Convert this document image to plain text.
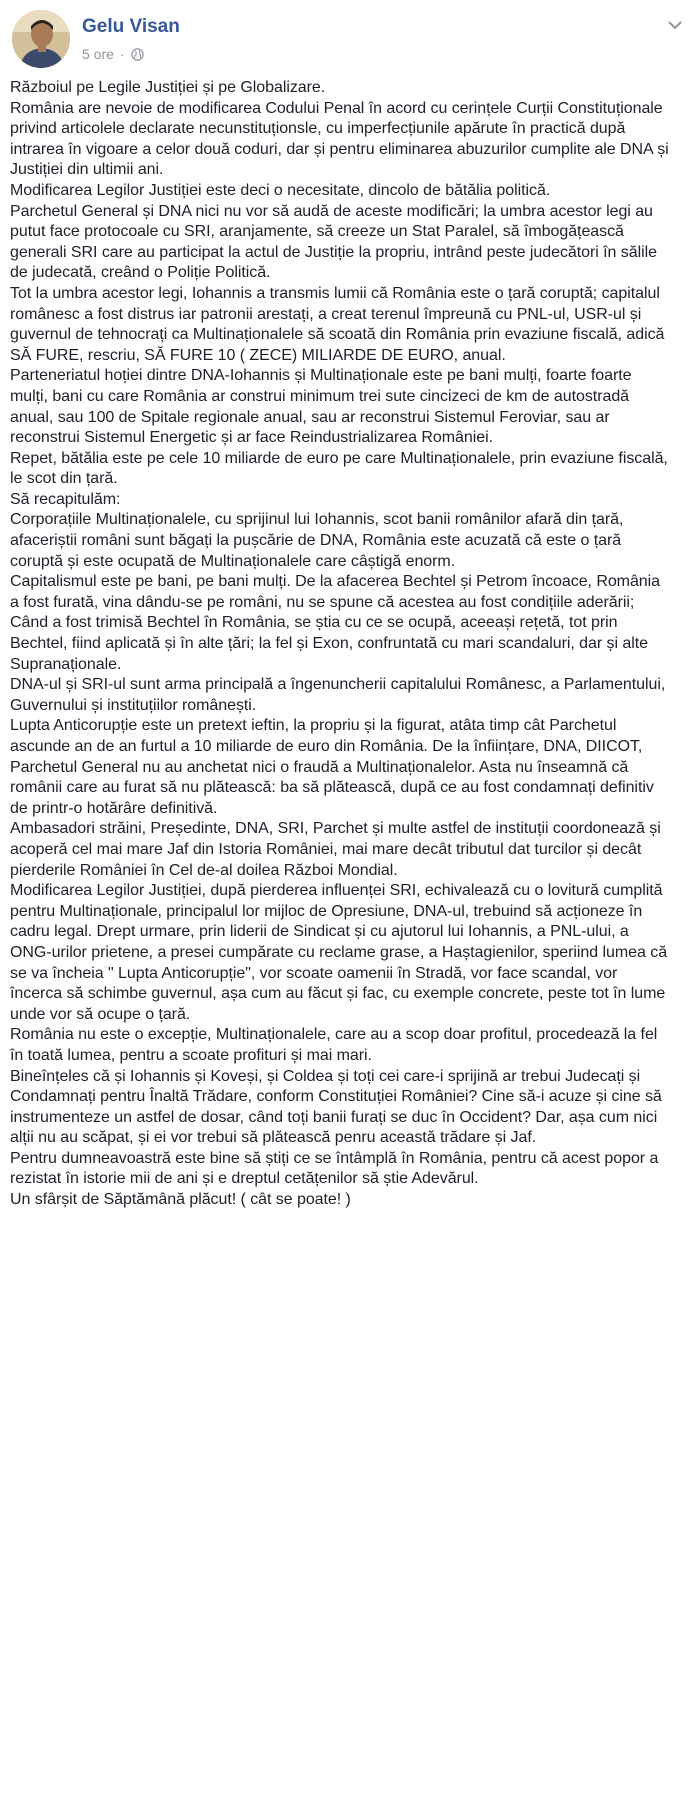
Gelu Visan
5 ore ·

Războiul pe Legile Justiției și pe Globalizare.

România are nevoie de modificarea Codului Penal în acord cu cerințele Curții Constituționale privind articolele declarate necunstituționsle, cu imperfecțiunile apărute în practică după intrarea în vigoare a celor două coduri, dar și pentru eliminarea abuzurilor cumplite ale DNA și Justiției din ultimii ani.

Modificarea Legilor Justiției este deci o necesitate, dincolo de bătălia politică.

Parchetul General și DNA nici nu vor să audă de aceste modificări; la umbra acestor legi au putut face protocoale cu SRI, aranjamente, să creeze un Stat Paralel, să îmbogățească generali SRI care au participat la actul de Justiție la propriu, intrând peste judecători în sălile de judecată, creând o Poliție Politică.

Tot la umbra acestor legi, Iohannis a transmis lumii că România este o țară coruptă; capitalul românesc a fost distrus iar patronii arestați, a creat terenul împreună cu PNL-ul, USR-ul și guvernul de tehnocrați ca Multinaționalele să scoată din România prin evaziune fiscală, adică SĂ FURE, rescriu, SĂ FURE 10 ( ZECE) MILIARDE DE EURO, anual.

Parteneriatul hoției dintre DNA-Iohannis și Multinaționale este pe bani mulți, foarte foarte mulți, bani cu care România ar construi minimum trei sute cincizeci de km de autostradă anual, sau 100 de Spitale regionale anual, sau ar reconstrui Sistemul Feroviar, sau ar reconstrui Sistemul Energetic și ar face Reindustrializarea României.

Repet, bătălia este pe cele 10 miliarde de euro pe care Multinaționalele, prin evaziune fiscală, le scot din țară.

Să recapitulăm:

Corporațiile Multinaționalele, cu sprijinul lui Iohannis, scot banii românilor afară din țară, afaceriștii români sunt băgați la pușcărie de DNA, România este acuzată că este o țară coruptă și este ocupată de Multinaționalele care câștigă enorm.

Capitalismul este pe bani, pe bani mulți. De la afacerea Bechtel și Petrom încoace, România a fost furată, vina dându-se pe români, nu se spune că acestea au fost condițiile aderării; Când a fost trimisă Bechtel în România, se știa cu ce se ocupă, aceeași rețetă, tot prin Bechtel, fiind aplicată și în alte țări; la fel și Exon, confruntată cu mari scandaluri, dar și alte Supranaționale.

DNA-ul și SRI-ul sunt arma principală a îngenuncherii capitalului Românesc, a Parlamentului, Guvernului și instituțiilor românești.

Lupta Anticorupție este un pretext ieftin, la propriu și la figurat, atâta timp cât Parchetul ascunde an de an furtul a 10 miliarde de euro din România. De la înființare, DNA, DIICOT, Parchetul General nu au anchetat nici o fraudă a Multinaționalelor. Asta nu înseamnă că românii care au furat să nu plătească: ba să plătească, după ce au fost condamnați definitiv de printr-o hotărâre definitivă.

Ambasadori străini, Președinte, DNA, SRI, Parchet și multe astfel de instituții coordonează și acoperă cel mai mare Jaf din Istoria României, mai mare decât tributul dat turcilor și decât pierderile României în Cel de-al doilea Război Mondial.

Modificarea Legilor Justiției, după pierderea influenței SRI, echivalează cu o lovitură cumplită pentru Multinaționale, principalul lor mijloc de Opresiune, DNA-ul, trebuind să acționeze în cadru legal. Drept urmare, prin liderii de Sindicat și cu ajutorul lui Iohannis, a PNL-ului, a ONG-urilor prietene, a presei cumpărate cu reclame grase, a Haștagienilor, speriind lumea că se va încheia " Lupta Anticorupție", vor scoate oamenii în Stradă, vor face scandal, vor încerca să schimbe guvernul, așa cum au făcut și fac, cu exemple concrete, peste tot în lume unde vor să ocupe o țară.

România nu este o excepție, Multinaționalele, care au a scop doar profitul, procedează la fel în toată lumea, pentru a scoate profituri și mai mari.

Bineînțeles că și Iohannis și Koveși, și Coldea și toți cei care-i sprijină ar trebui Judecați și Condamnați pentru Înaltă Trădare, conform Constituției României? Cine să-i acuze și cine să instrumenteze un astfel de dosar, când toți banii furați se duc în Occident? Dar, așa cum nici alții nu au scăpat, și ei vor trebui să plătească penru această trădare și Jaf.

Pentru dumneavoastră este bine să știți ce se întâmplă în România, pentru că acest popor a rezistat în istorie mii de ani și e dreptul cetățenilor să știe Adevărul.

Un sfârșit de Săptămână plăcut! ( cât se poate! )
